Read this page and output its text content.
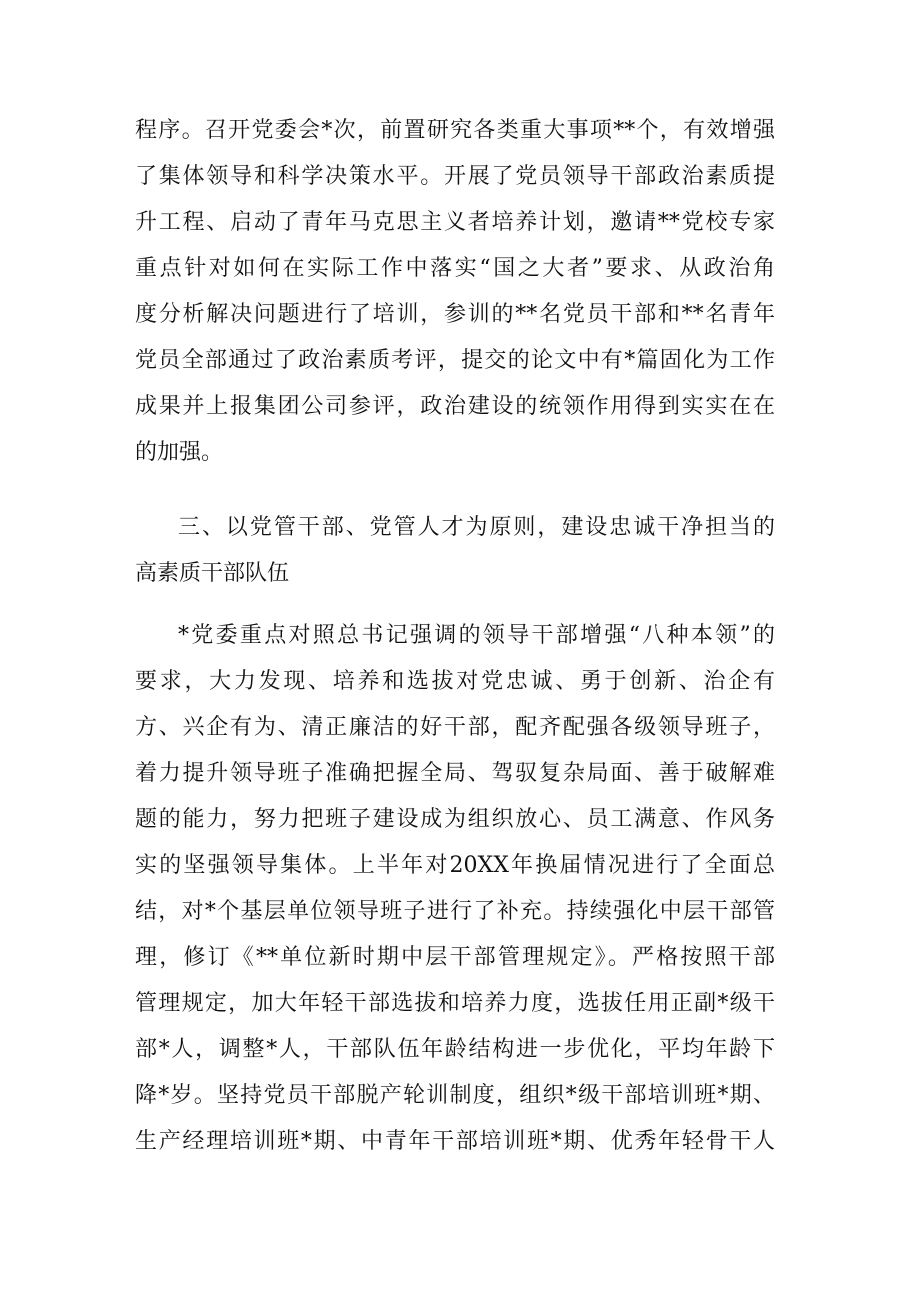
程序。召开党委会*次，前置研究各类重大事项**个，有效增强
了集体领导和科学决策水平。开展了党员领导干部政治素质提
升工程、启动了青年马克思主义者培养计划，邀请**党校专家
重点针对如何在实际工作中落实“国之大者”要求、从政治角
度分析解决问题进行了培训，参训的**名党员干部和**名青年
党员全部通过了政治素质考评，提交的论文中有*篇固化为工作
成果并上报集团公司参评，政治建设的统领作用得到实实在在
的加强。
三、以党管干部、党管人才为原则，建设忠诚干净担当的
高素质干部队伍
*党委重点对照总书记强调的领导干部增强“八种本领”的
要求，大力发现、培养和选拔对党忠诚、勇于创新、治企有
方、兴企有为、清正廉洁的好干部，配齐配强各级领导班子，
着力提升领导班子准确把握全局、驾驭复杂局面、善于破解难
题的能力，努力把班子建设成为组织放心、员工满意、作风务
实的坚强领导集体。上半年对20XX年换届情况进行了全面总
结，对*个基层单位领导班子进行了补充。持续强化中层干部管
理，修订《**单位新时期中层干部管理规定》。严格按照干部
管理规定，加大年轻干部选拔和培养力度，选拔任用正副*级干
部*人，调整*人，干部队伍年龄结构进一步优化，平均年龄下
降*岁。坚持党员干部脱产轮训制度，组织*级干部培训班*期、
生产经理培训班*期、中青年干部培训班*期、优秀年轻骨干人
